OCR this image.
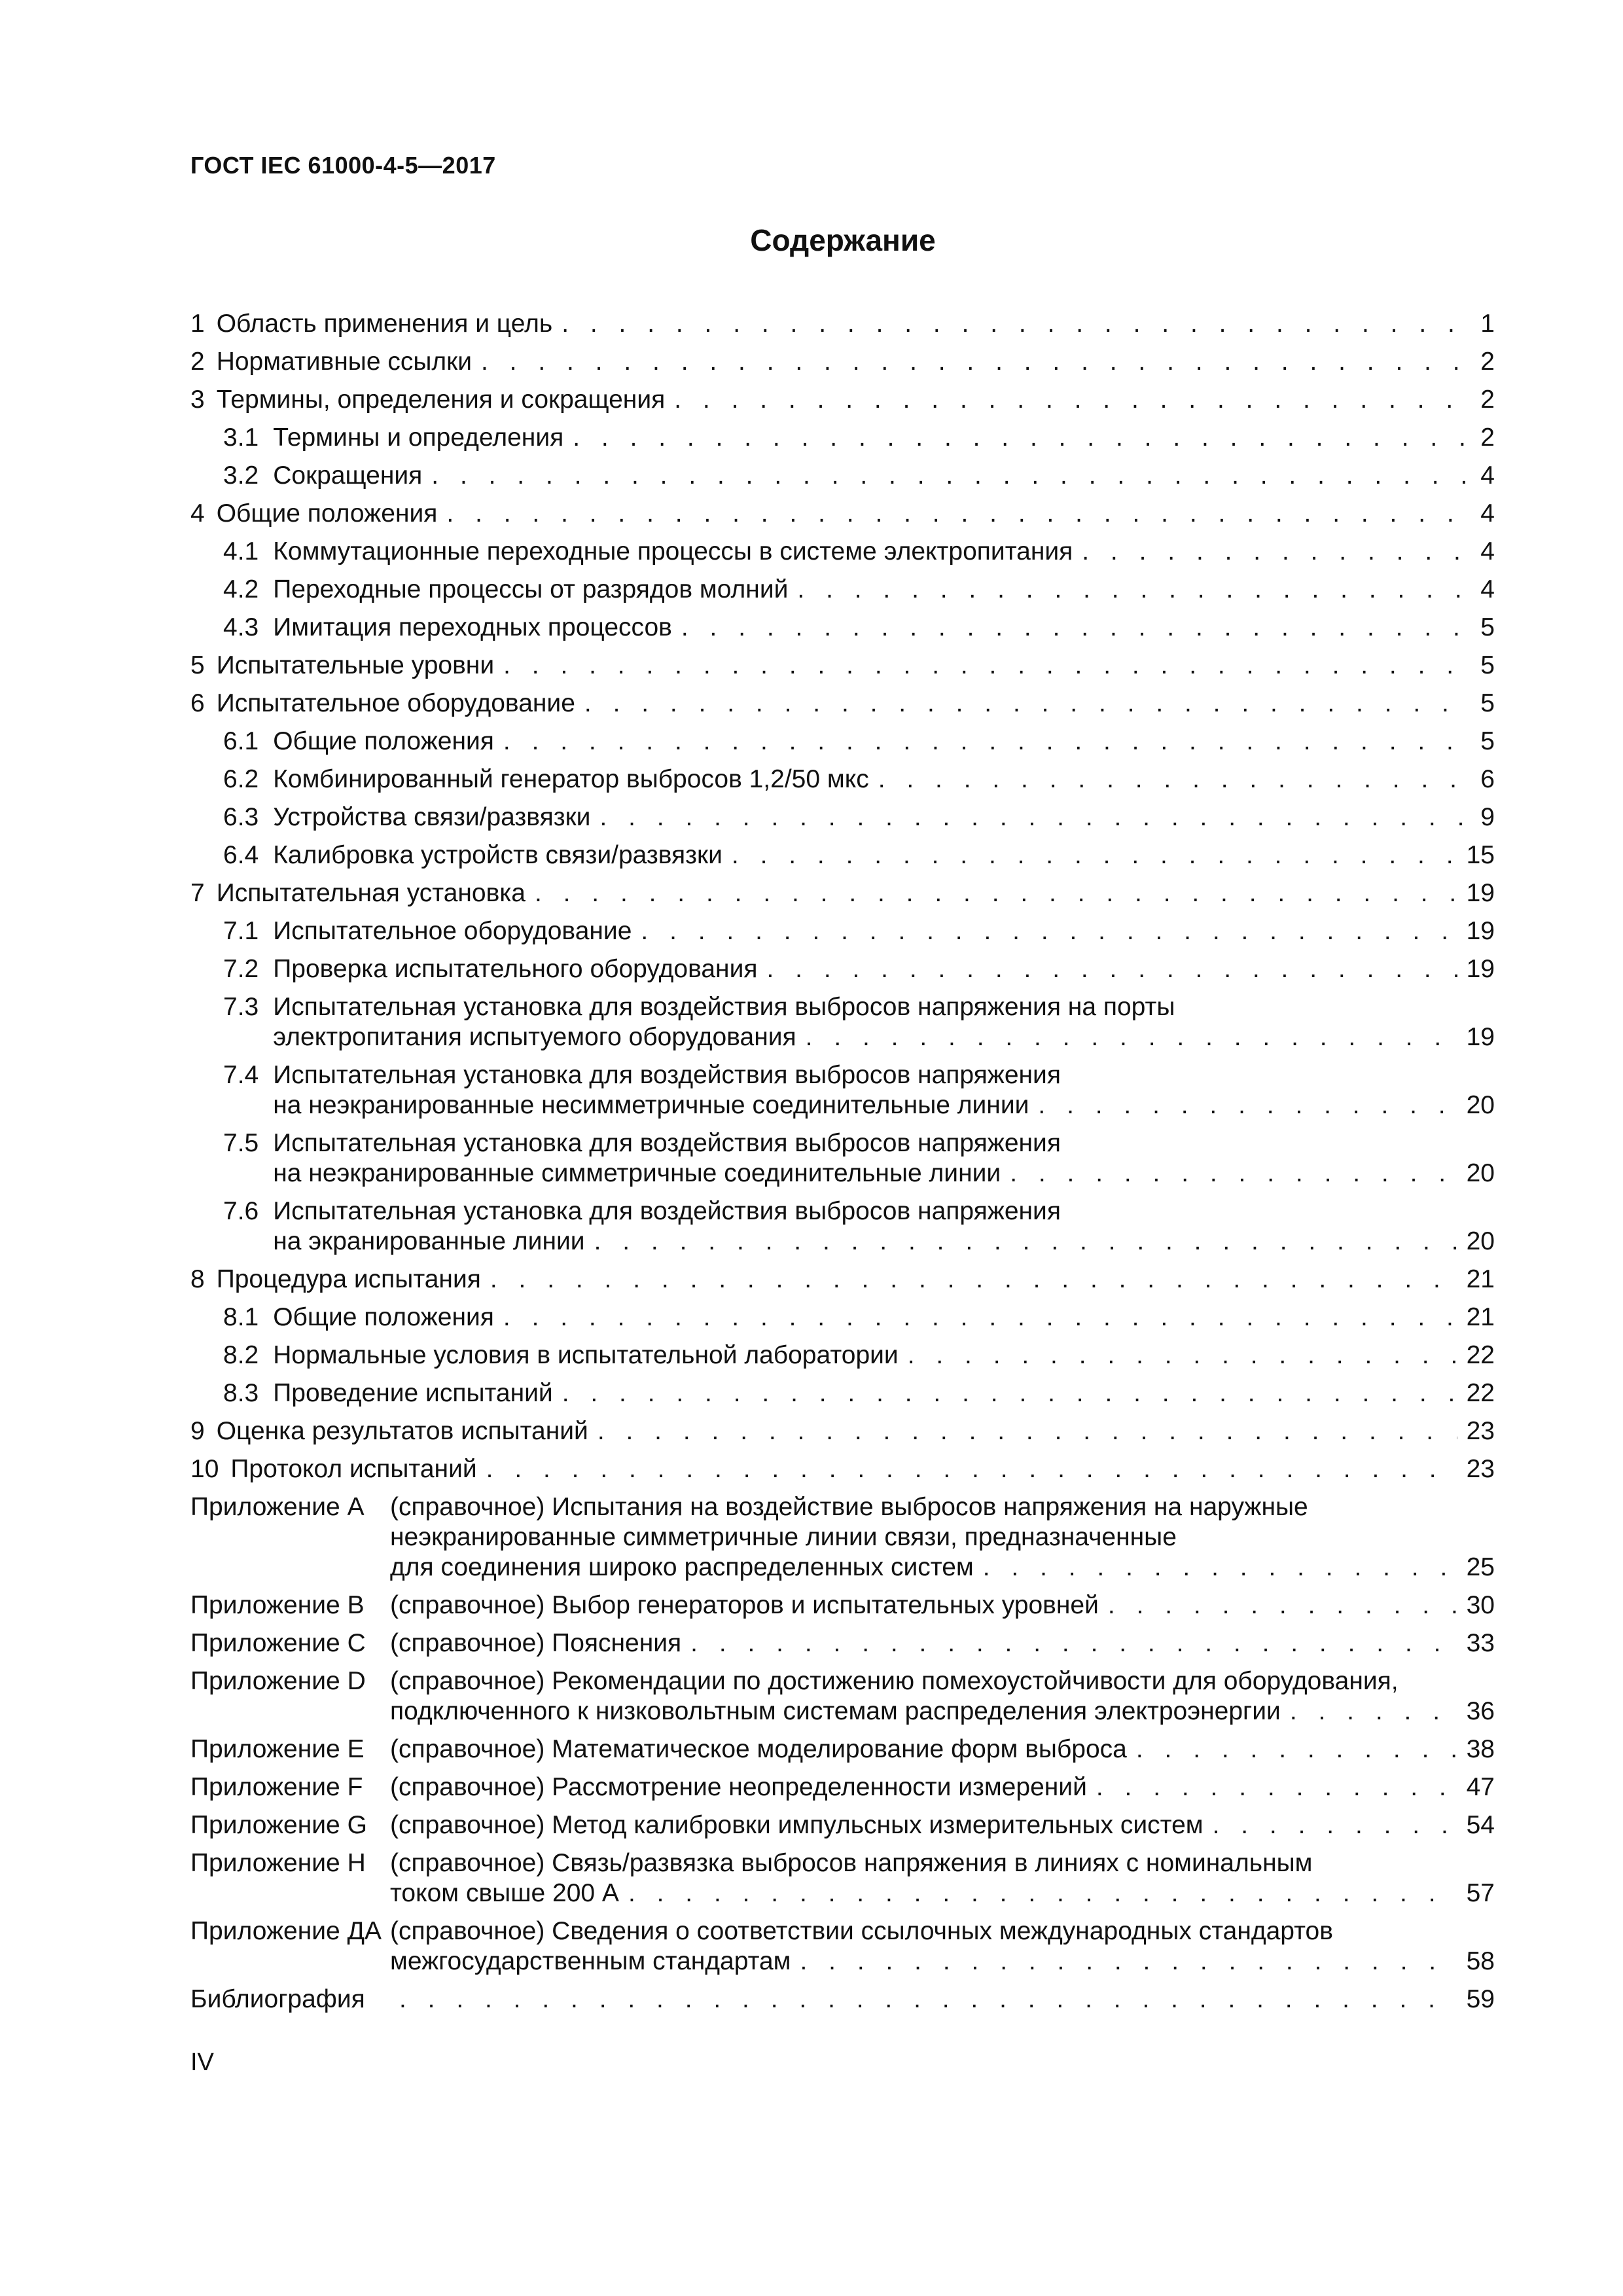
ГОСТ IEC 61000-4-5—2017
Содержание
1 Область применения и цель . . .	1
2 Нормативные ссылки . . .	2
3 Термины, определения и сокращения . . .	2
3.1 Термины и определения . . .	2
3.2 Сокращения . . .	4
4 Общие положения . . .	4
4.1 Коммутационные переходные процессы в системе электропитания . . .	4
4.2 Переходные процессы от разрядов молний . . .	4
4.3 Имитация переходных процессов . . .	5
5 Испытательные уровни . . .	5
6 Испытательное оборудование . . .	5
6.1 Общие положения . . .	5
6.2 Комбинированный генератор выбросов 1,2/50 мкс . . .	6
6.3 Устройства связи/развязки . . .	9
6.4 Калибровка устройств связи/развязки . . .	15
7 Испытательная установка . . .	19
7.1 Испытательное оборудование . . .	19
7.2 Проверка испытательного оборудования . . .	19
7.3 Испытательная установка для воздействия выбросов напряжения на порты
электропитания испытуемого оборудования . . .	19
7.4 Испытательная установка для воздействия выбросов напряжения
на неэкранированные несимметричные соединительные линии . . .	20
7.5 Испытательная установка для воздействия выбросов напряжения
на неэкранированные симметричные соединительные линии . . .	20
7.6 Испытательная установка для воздействия выбросов напряжения
на экранированные линии . . .	20
8 Процедура испытания . . .	21
8.1 Общие положения . . .	21
8.2 Нормальные условия в испытательной лаборатории . . .	22
8.3 Проведение испытаний . . .	22
9 Оценка результатов испытаний . . .	23
10 Протокол испытаний . . .	23
Приложение А	(справочное) Испытания на воздействие выбросов напряжения на наружные
неэкранированные симметричные линии связи, предназначенные
для соединения широко распределенных систем . . .	25
Приложение В	(справочное) Выбор генераторов и испытательных уровней . . .	30
Приложение С (справочное) Пояснения . . .	33
Приложение D (справочное) Рекомендации по достижению помехоустойчивости для оборудования,
подключенного к низковольтным системам распределения электроэнергии . . .	36
Приложение Е	(справочное) Математическое моделирование форм выброса . . .	38
Приложение F	(справочное) Рассмотрение неопределенности измерений . . .	47
Приложение G (справочное) Метод калибровки импульсных измерительных систем . . .	54
Приложение Н (справочное) Связь/развязка выбросов напряжения в линиях с номинальным
током свыше 200 А . . .	57
Приложение ДА (справочное) Сведения о соответствии ссылочных международных стандартов
межгосударственным стандартам . . .	58
Библиография . . .	59
IV
